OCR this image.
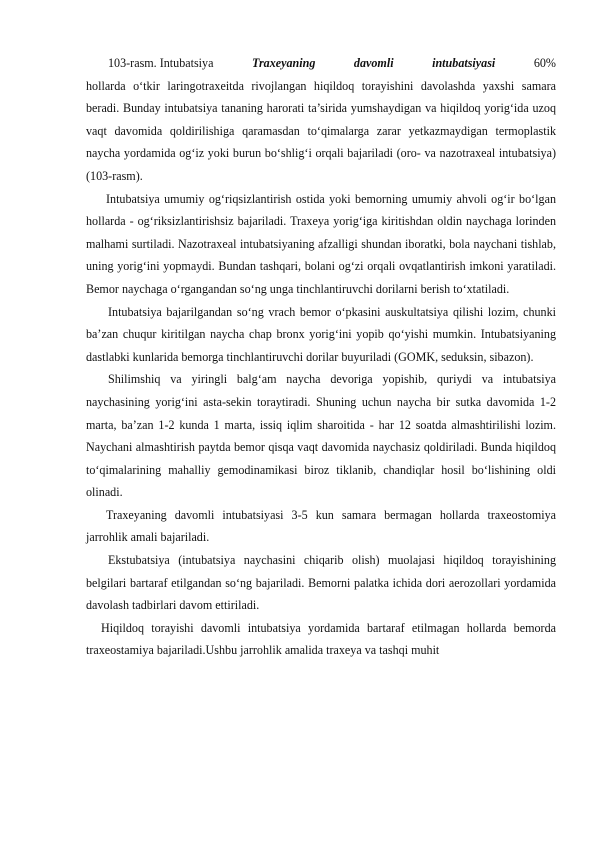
103-rasm. Intubatsiya	Traxeyaning	davomli	intubatsiyasi	60%

hollarda o‘tkir laringotraxeitda rivojlangan hiqildoq torayishini davolashda yaxshi samara beradi. Bunday intubatsiya tananing harorati ta’sirida yumshaydigan va hiqildoq yorig‘ida uzoq vaqt davomida qoldirilishiga qaramasdan to‘qimalarga zarar yetkazmaydigan termoplastik naycha yordamida og‘iz yoki burun bo‘shlig‘i orqali bajariladi (oro- va nazotraxeal intubatsiya) (103-rasm).

Intubatsiya umumiy og‘riqsizlantirish ostida yoki bemorning umumiy ahvoli og‘ir bo‘lgan hollarda - og‘riksizlantirishsiz bajariladi. Traxeya yorig‘iga kiritishdan oldin naychaga lorinden malhami surtiladi. Nazotraxeal intubatsiyaning afzalligi shundan iboratki, bola naychani tishlab, uning yorig‘ini yopmaydi. Bundan tashqari, bolani og‘zi orqali ovqatlantirish imkoni yaratiladi. Bemor naychaga o‘rgangandan so‘ng unga tinchlantiruvchi dorilarni berish to‘xtatiladi.

Intubatsiya bajarilgandan so‘ng vrach bemor o‘pkasini auskultatsiya qilishi lozim, chunki ba’zan chuqur kiritilgan naycha chap bronx yorig‘ini yopib qo‘yishi mumkin. Intubatsiyaning dastlabki kunlarida bemorga tinchlantiruvchi dorilar buyuriladi (GOMK, seduksin, sibazon).

Shilimshiq va yiringli balg‘am naycha devoriga yopishib, quriydi va intubatsiya naychasining yorig‘ini asta-sekin toraytiradi. Shuning uchun naycha bir sutka davomida 1-2 marta, ba’zan 1-2 kunda 1 marta, issiq iqlim sharoitida - har 12 soatda almashtirilishi lozim. Naychani almashtirish paytda bemor qisqa vaqt davomida naychasiz qoldiriladi. Bunda hiqildoq to‘qimalarining mahalliy gemodinamikasi biroz tiklanib, chandiqlar hosil bo‘lishining oldi olinadi.

Traxeyaning davomli intubatsiyasi 3-5 kun samara bermagan hollarda traxeostomiya jarrohlik amali bajariladi.

Ekstubatsiya (intubatsiya naychasini chiqarib olish) muolajasi hiqildoq torayishining belgilari bartaraf etilgandan so‘ng bajariladi. Bemorni palatka ichida dori aerozollari yordamida davolash tadbirlari davom ettiriladi.

Hiqildoq torayishi davomli intubatsiya yordamida bartaraf etilmagan hollarda bemorda traxeostamiya bajariladi.Ushbu jarrohlik amalida traxeya va tashqi muhit
